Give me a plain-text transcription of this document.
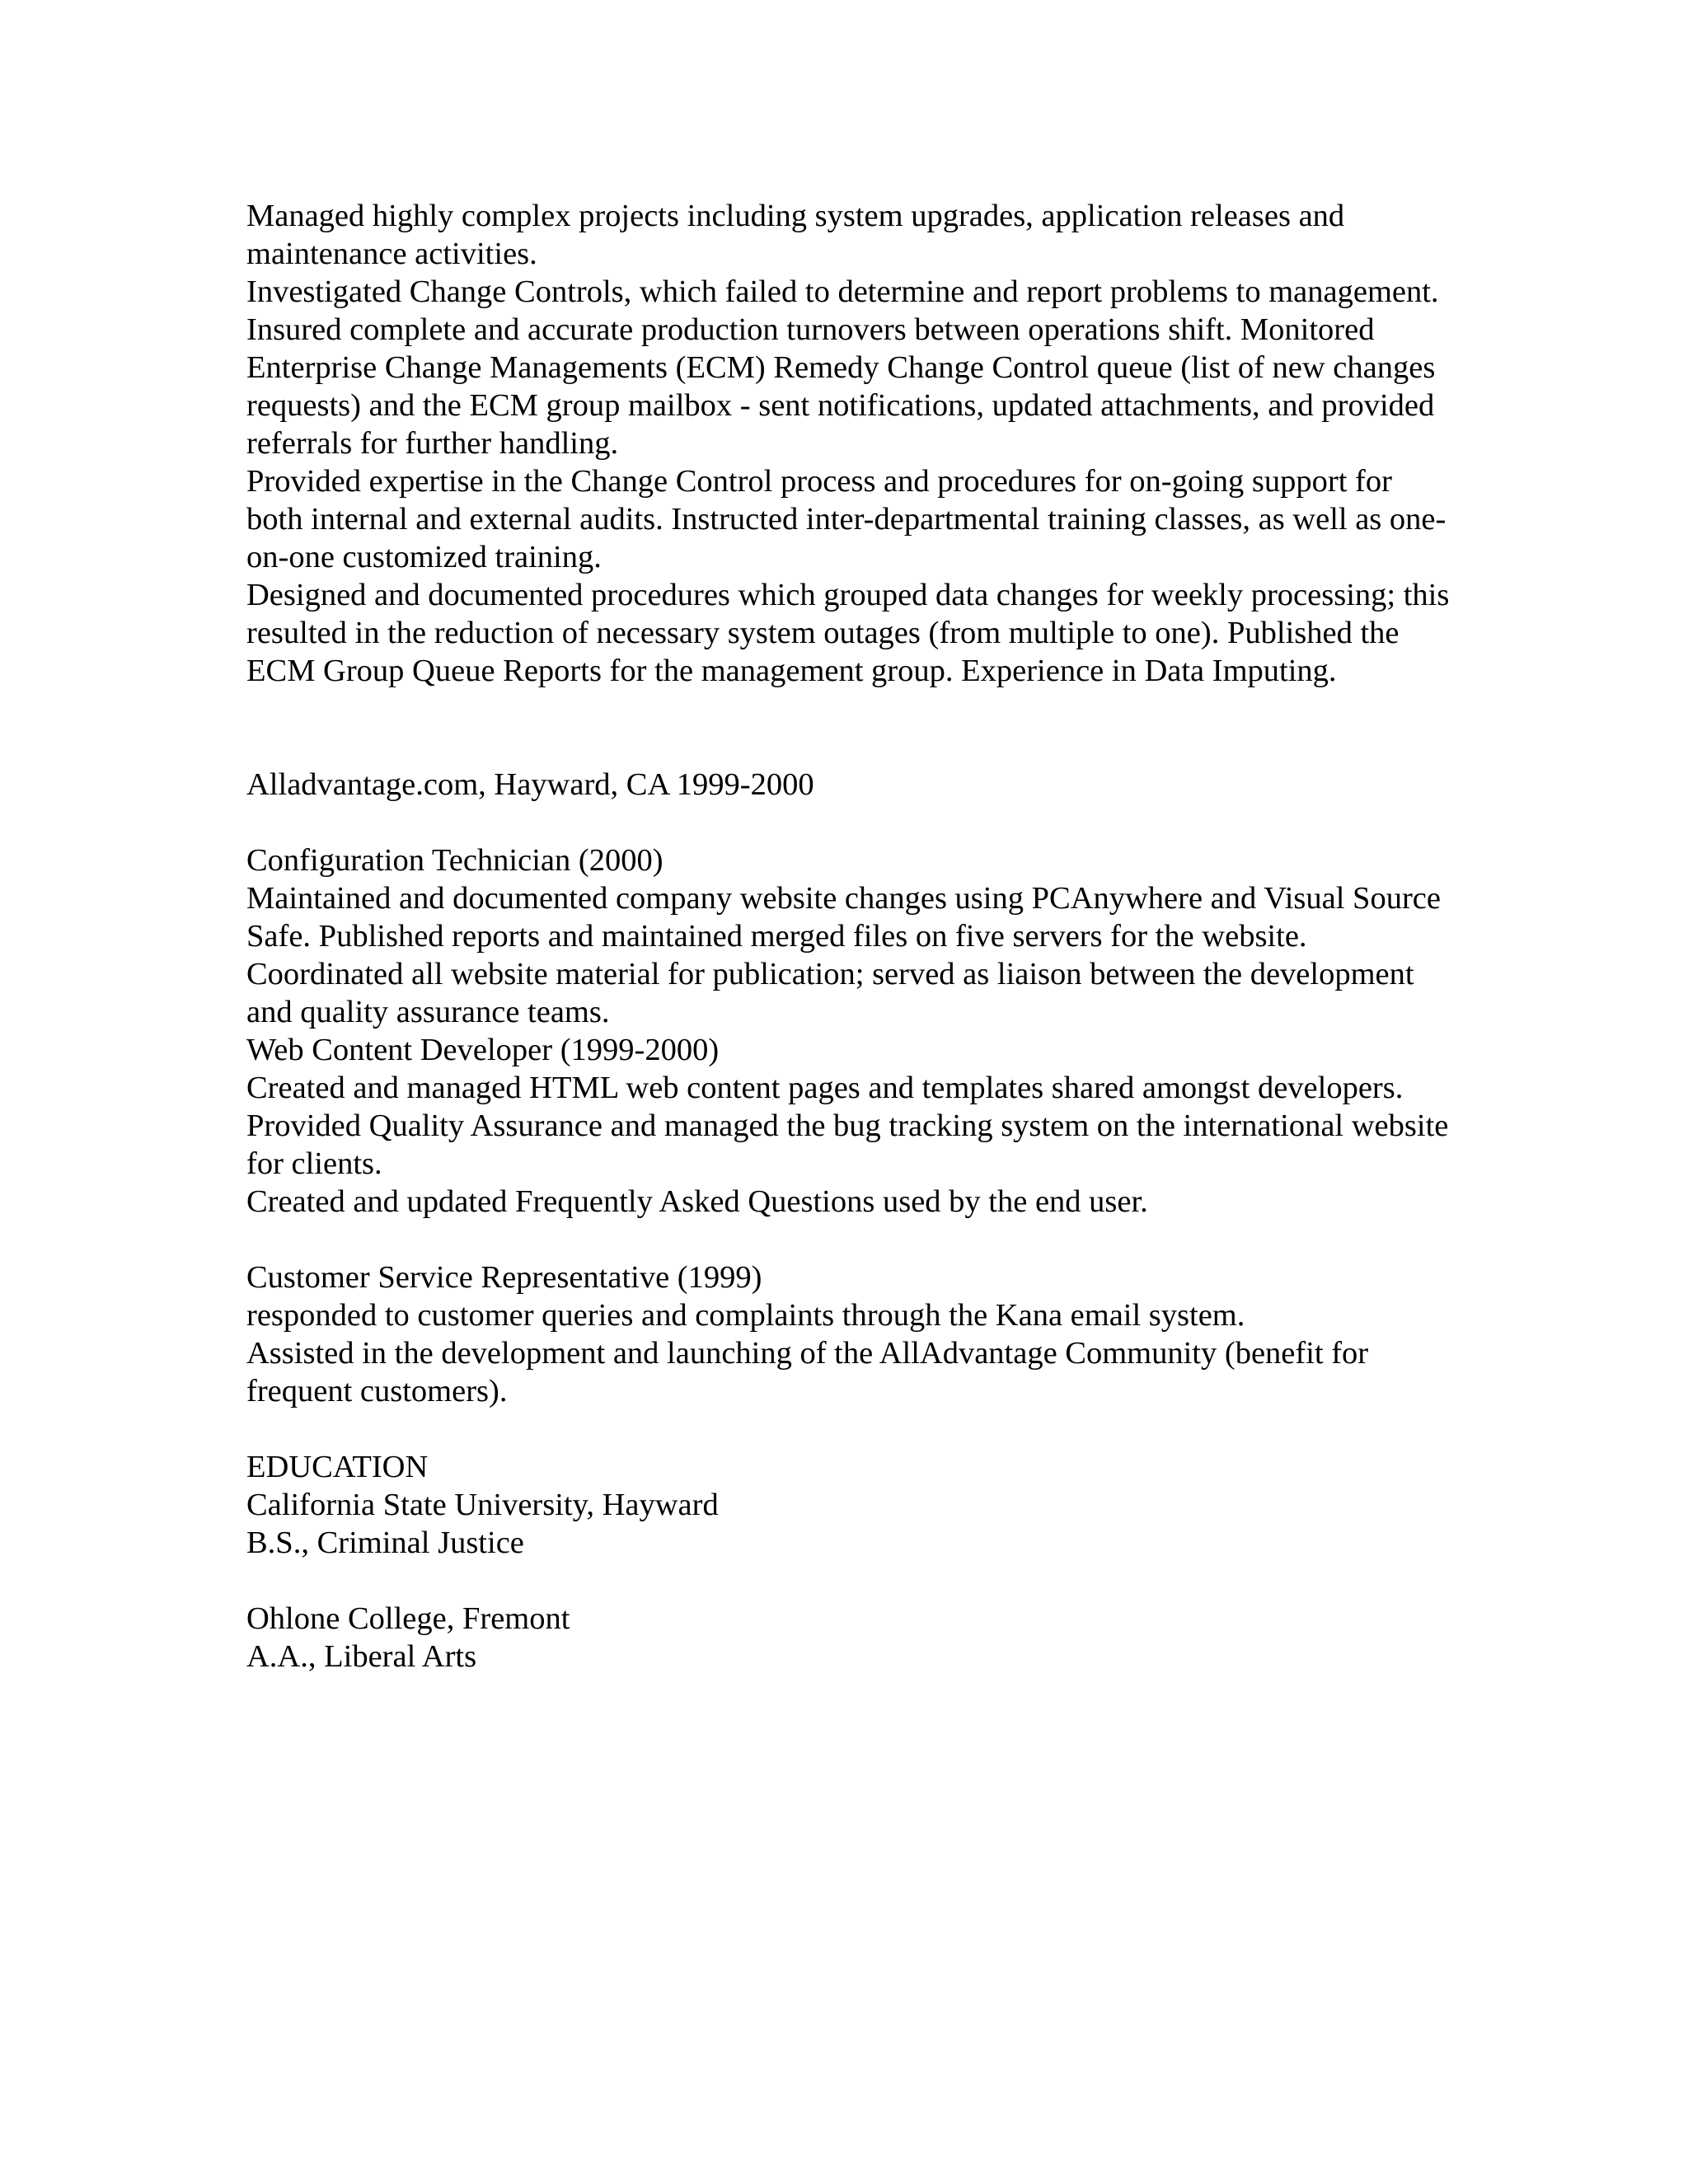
Managed highly complex projects including system upgrades, application releases and maintenance activities.

Investigated Change Controls, which failed to determine and report problems to management. Insured complete and accurate production turnovers between operations shift. Monitored Enterprise Change Managements (ECM) Remedy Change Control queue (list of new changes requests) and the ECM group mailbox - sent notifications, updated attachments, and provided referrals for further handling.

Provided expertise in the Change Control process and procedures for on-going support for both internal and external audits. Instructed inter-departmental training classes, as well as one-on-one customized training.

Designed and documented procedures which grouped data changes for weekly processing; this resulted in the reduction of necessary system outages (from multiple to one). Published the ECM Group Queue Reports for the management group. Experience in Data Imputing.

Alladvantage.com, Hayward, CA 1999-2000

Configuration Technician (2000)

Maintained and documented company website changes using PCAnywhere and Visual Source Safe. Published reports and maintained merged files on five servers for the website.

Coordinated all website material for publication; served as liaison between the development and quality assurance teams.

Web Content Developer (1999-2000)

Created and managed HTML web content pages and templates shared amongst developers.

Provided Quality Assurance and managed the bug tracking system on the international website for clients.

Created and updated Frequently Asked Questions used by the end user.

Customer Service Representative (1999)

responded to customer queries and complaints through the Kana email system.

Assisted in the development and launching of the AllAdvantage Community (benefit for frequent customers).

EDUCATION

California State University, Hayward

B.S., Criminal Justice

Ohlone College, Fremont

A.A., Liberal Arts
